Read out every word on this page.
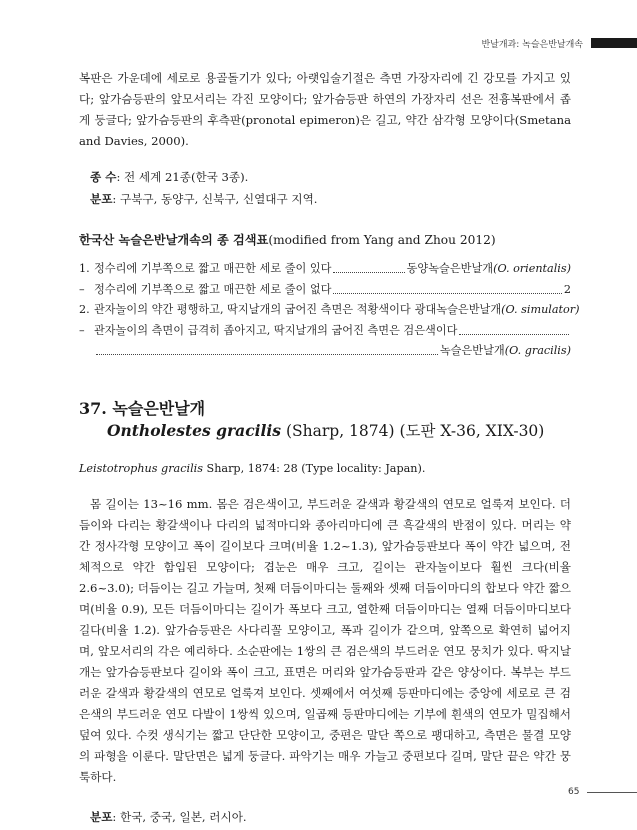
반날개과: 녹슬은반날개속

복판은 가운데에 세로로 용골돌기가 있다; 아랫입술기절은 측면 가장자리에 긴 강모를 가지고 있다; 앞가슴등판의 앞모서리는 각진 모양이다; 앞가슴등판 하연의 가장자리 선은 전흉복판에서 좁게 둥글다; 앞가슴등판의 후측판(pronotal epimeron)은 길고, 약간 삼각형 모양이다(Smetana and Davies, 2000).

종 수: 전 세계 21종(한국 3종).
분포: 구북구, 동양구, 신북구, 신열대구 지역.
한국산 녹슬은반날개속의 종 검색표(modified from Yang and Zhou 2012)
1. 정수리에 기부쪽으로 짧고 매끈한 세로 줄이 있다	동양녹슬은반날개(O. orientalis)
– 정수리에 기부쪽으로 짧고 매끈한 세로 줄이 없다	2
2. 관자놀이의 약간 평행하고, 딱지날개의 굽어진 측면은 적황색이다 광대녹슬은반날개(O. simulator)
– 관자놀이의 측면이 급격히 좁아지고, 딱지날개의 굽어진 측면은 검은색이다
녹슬은반날개(O. gracilis)
37. 녹슬은반날개
Ontholestes gracilis (Sharp, 1874) (도판 X-36, XIX-30)
Leistotrophus gracilis Sharp, 1874: 28 (Type locality: Japan).

몸 길이는 13~16 mm. 몸은 검은색이고, 부드러운 갈색과 황갈색의 연모로 얼룩져 보인다. 더듬이와 다리는 황갈색이나 다리의 넓적마디와 종아리마디에 큰 흑갈색의 반점이 있다. 머리는 약간 정사각형 모양이고 폭이 길이보다 크며(비율 1.2~1.3), 앞가슴등판보다 폭이 약간 넓으며, 전체적으로 약간 함입된 모양이다; 겹눈은 매우 크고, 길이는 관자놀이보다 훨씬 크다(비율 2.6~3.0); 더듬이는 길고 가늘며, 첫째 더듬이마디는 둘째와 셋째 더듬이마디의 합보다 약간 짧으며(비율 0.9), 모든 더듬이마디는 길이가 폭보다 크고, 열한째 더듬이마디는 열째 더듬이마디보다 길다(비율 1.2). 앞가슴등판은 사다리꼴 모양이고, 폭과 길이가 같으며, 앞쪽으로 확연히 넓어지며, 앞모서리의 각은 예리하다. 소순판에는 1쌍의 큰 검은색의 부드러운 연모 뭉치가 있다. 딱지날개는 앞가슴등판보다 길이와 폭이 크고, 표면은 머리와 앞가슴등판과 같은 양상이다. 복부는 부드러운 갈색과 황갈색의 연모로 얼룩져 보인다. 셋째에서 여섯째 등판마디에는 중앙에 세로로 큰 검은색의 부드러운 연모 다발이 1쌍씩 있으며, 일곱째 등판마디에는 기부에 흰색의 연모가 밀집해서 덮여 있다. 수컷 생식기는 짧고 단단한 모양이고, 중편은 말단 쪽으로 팽대하고, 측면은 물결 모양의 파형을 이룬다. 말단면은 넓게 둥글다. 파악기는 매우 가늘고 중편보다 길며, 말단 끝은 약간 뭉툭하다.

분포: 한국, 중국, 일본, 러시아.
65
